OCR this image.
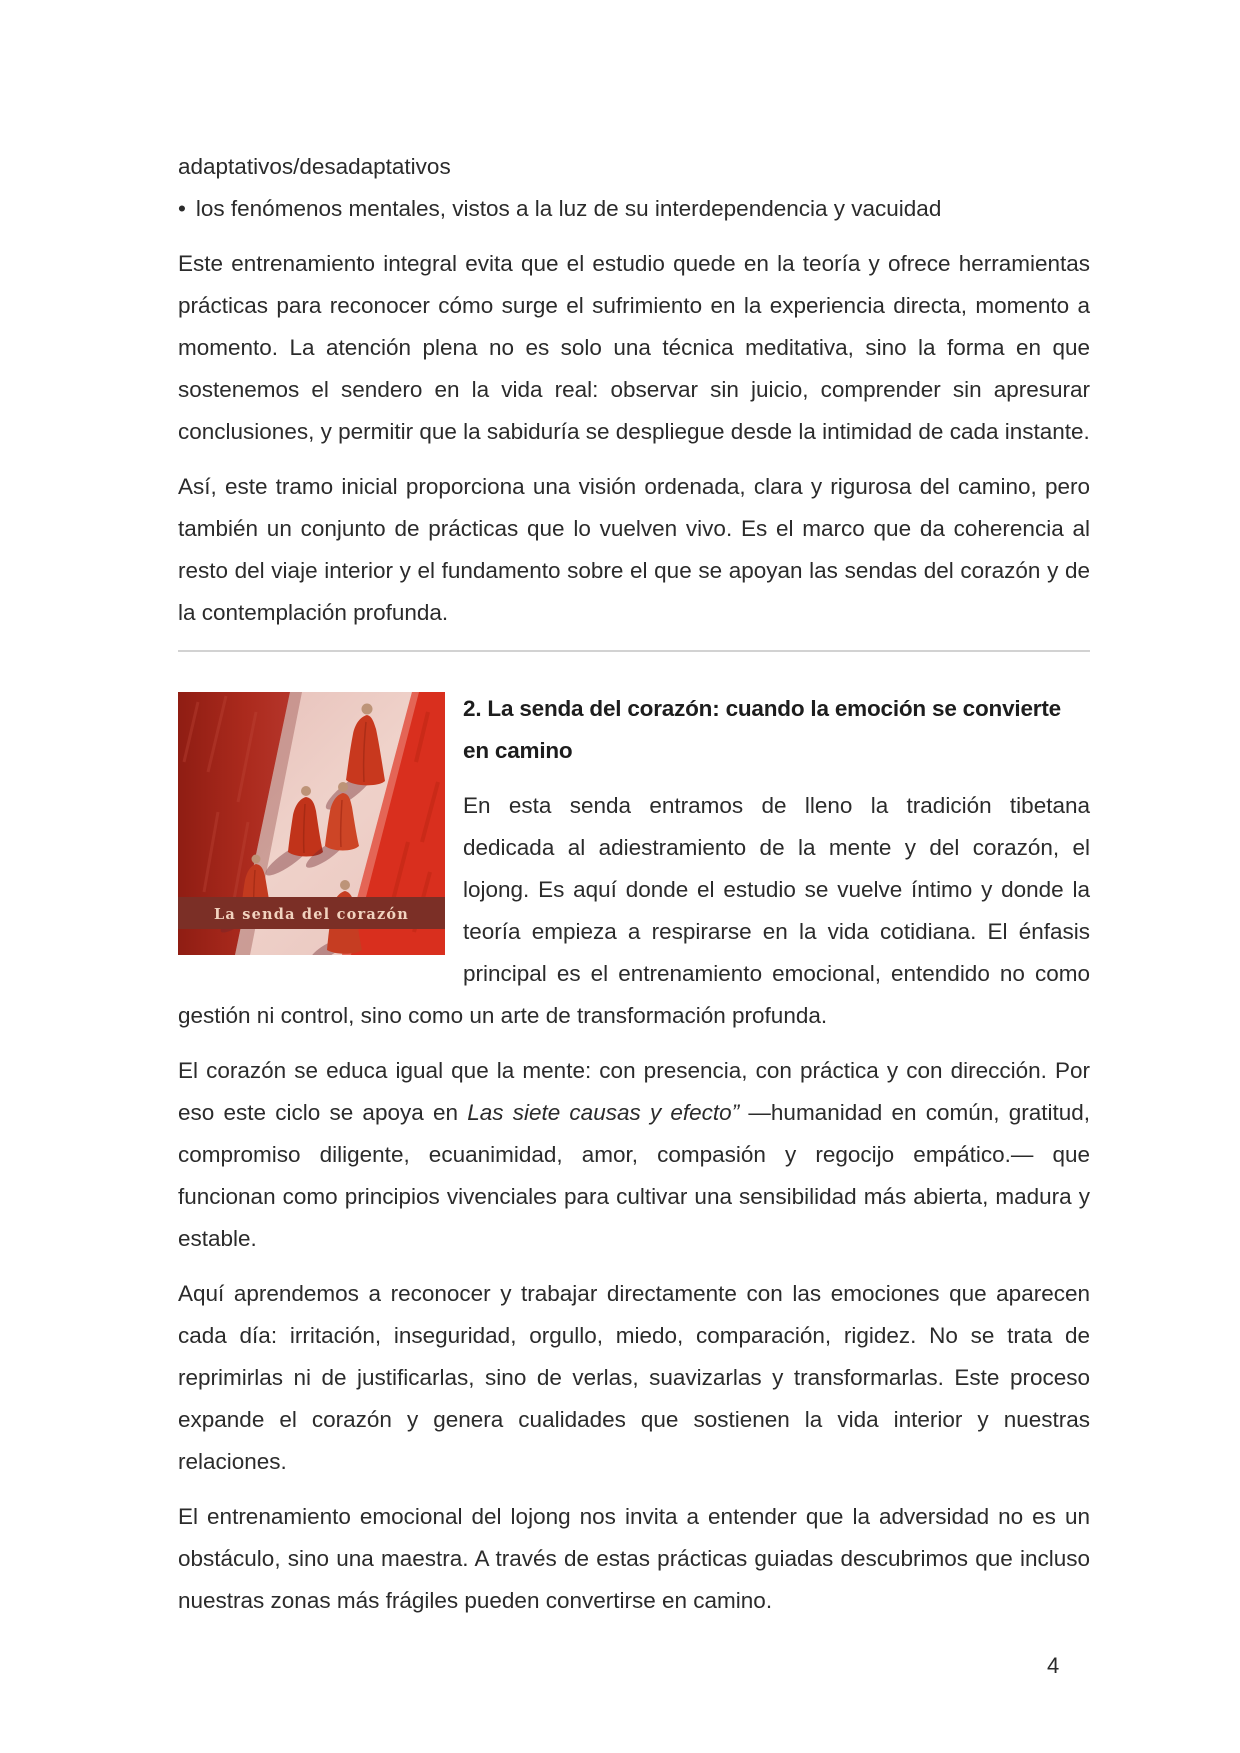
adaptativos/desadaptativos
• los fenómenos mentales, vistos a la luz de su interdependencia y vacuidad

Este entrenamiento integral evita que el estudio quede en la teoría y ofrece herramientas prácticas para reconocer cómo surge el sufrimiento en la experiencia directa, momento a momento. La atención plena no es solo una técnica meditativa, sino la forma en que sostenemos el sendero en la vida real: observar sin juicio, comprender sin apresurar conclusiones, y permitir que la sabiduría se despliegue desde la intimidad de cada instante.

Así, este tramo inicial proporciona una visión ordenada, clara y rigurosa del camino, pero también un conjunto de prácticas que lo vuelven vivo. Es el marco que da coherencia al resto del viaje interior y el fundamento sobre el que se apoyan las sendas del corazón y de la contemplación profunda.

La senda del corazón
2. La senda del corazón: cuando la emoción se convierte en camino

En esta senda entramos de lleno la tradición tibetana dedicada al adiestramiento de la mente y del corazón, el lojong. Es aquí donde el estudio se vuelve íntimo y donde la teoría empieza a respirarse en la vida cotidiana. El énfasis principal es el entrenamiento emocional, entendido no como gestión ni control, sino como un arte de transformación profunda.

El corazón se educa igual que la mente: con presencia, con práctica y con dirección. Por eso este ciclo se apoya en Las siete causas y efecto” —humanidad en común, gratitud, compromiso diligente, ecuanimidad, amor, compasión y regocijo empático.— que funcionan como principios vivenciales para cultivar una sensibilidad más abierta, madura y estable.

Aquí aprendemos a reconocer y trabajar directamente con las emociones que aparecen cada día: irritación, inseguridad, orgullo, miedo, comparación, rigidez. No se trata de reprimirlas ni de justificarlas, sino de verlas, suavizarlas y transformarlas. Este proceso expande el corazón y genera cualidades que sostienen la vida interior y nuestras relaciones.

El entrenamiento emocional del lojong nos invita a entender que la adversidad no es un obstáculo, sino una maestra. A través de estas prácticas guiadas descubrimos que incluso nuestras zonas más frágiles pueden convertirse en camino.

4
